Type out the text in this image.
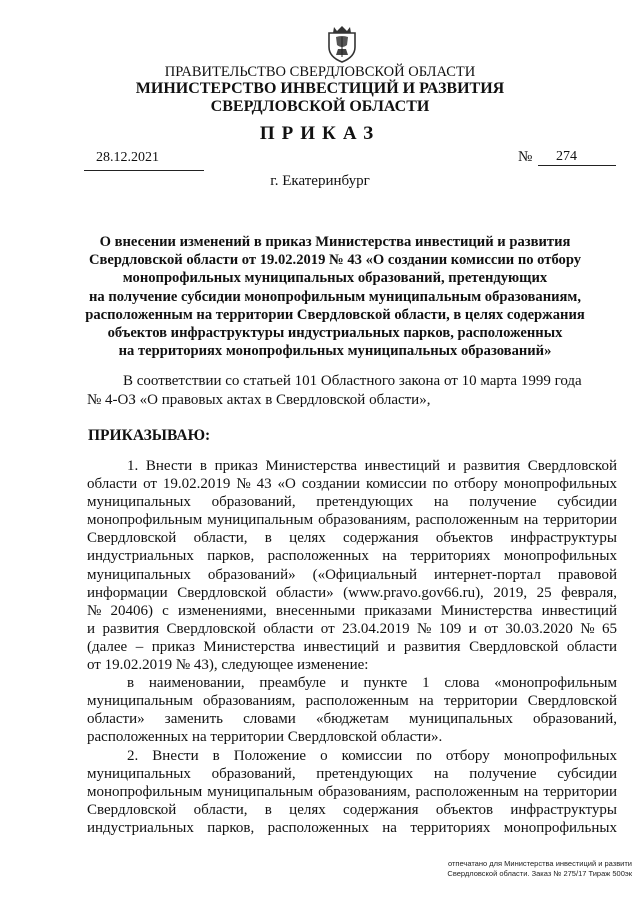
ПРАВИТЕЛЬСТВО СВЕРДЛОВСКОЙ ОБЛАСТИ
МИНИСТЕРСТВО ИНВЕСТИЦИЙ И РАЗВИТИЯ
СВЕРДЛОВСКОЙ ОБЛАСТИ
ПРИКАЗ
28.12.2021	№ 274
г. Екатеринбург
О внесении изменений в приказ Министерства инвестиций и развития
Свердловской области от 19.02.2019 № 43 «О создании комиссии по отбору
монопрофильных муниципальных образований, претендующих
на получение субсидии монопрофильным муниципальным образованиям,
расположенным на территории Свердловской области, в целях содержания
объектов инфраструктуры индустриальных парков, расположенных
на территориях монопрофильных муниципальных образований»
В соответствии со статьей 101 Областного закона от 10 марта 1999 года
№ 4-ОЗ «О правовых актах в Свердловской области»,
ПРИКАЗЫВАЮ:
1. Внести в приказ Министерства инвестиций и развития Свердловской
области от 19.02.2019 № 43 «О создании комиссии по отбору монопрофильных
муниципальных образований, претендующих на получение субсидии
монопрофильным муниципальным образованиям, расположенным на территории
Свердловской области, в целях содержания объектов инфраструктуры
индустриальных парков, расположенных на территориях монопрофильных
муниципальных образований» («Официальный интернет-портал правовой
информации Свердловской области» (www.pravo.gov66.ru), 2019, 25 февраля,
№ 20406) с изменениями, внесенными приказами Министерства инвестиций
и развития Свердловской области от 23.04.2019 № 109 и от 30.03.2020 № 65
(далее – приказ Министерства инвестиций и развития Свердловской области
от 19.02.2019 № 43), следующее изменение:
в наименовании, преамбуле и пункте 1 слова «монопрофильным
муниципальным образованиям, расположенным на территории Свердловской
области» заменить словами «бюджетам муниципальных образований,
расположенных на территории Свердловской области».
2. Внести в Положение о комиссии по отбору монопрофильных
муниципальных образований, претендующих на получение субсидии
монопрофильным муниципальным образованиям, расположенным на территории
Свердловской области, в целях содержания объектов инфраструктуры
индустриальных парков, расположенных на территориях монопрофильных
отпечатано для Министерства инвестиций и развити
Свердловской области. Заказ № 275/17 Тираж 500эк
